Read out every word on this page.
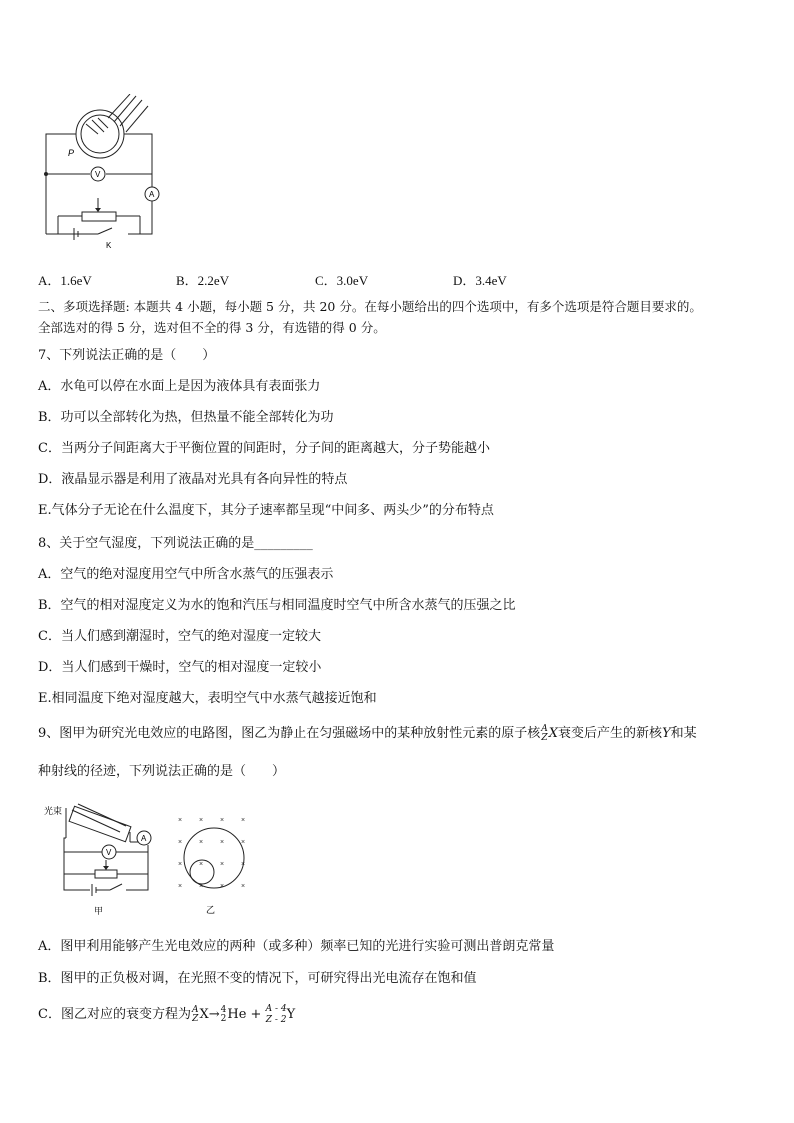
P
V
A
K
A．1.6eV	B．2.2eV	C．3.0eV	D．3.4eV
二、多项选择题: 本题共 4 小题，每小题 5 分，共 20 分。在每小题给出的四个选项中，有多个选项是符合题目要求的。
全部选对的得 5 分，选对但不全的得 3 分，有选错的得 0 分。
7、下列说法正确的是（　　）
A．水龟可以停在水面上是因为液体具有表面张力
B．功可以全部转化为热，但热量不能全部转化为功
C．当两分子间距离大于平衡位置的间距时，分子间的距离越大，分子势能越小
D．液晶显示器是利用了液晶对光具有各向异性的特点
E.气体分子无论在什么温度下，其分子速率都呈现“中间多、两头少”的分布特点
8、关于空气湿度，下列说法正确的是_________
A．空气的绝对湿度用空气中所含水蒸气的压强表示
B．空气的相对湿度定义为水的饱和汽压与相同温度时空气中所含水蒸气的压强之比
C．当人们感到潮湿时，空气的绝对湿度一定较大
D．当人们感到干燥时，空气的相对湿度一定较小
E.相同温度下绝对湿度越大，表明空气中水蒸气越接近饱和
9、图甲为研究光电效应的电路图，图乙为静止在匀强磁场中的某种放射性元素的原子核 A
Z X衰变后产生的新核Y和某
种射线的径迹，下列说法正确的是（　　）
光束
A
V
甲
× × × ×
× × × ×
× × × ×
× × × ×
乙
A．图甲利用能够产生光电效应的两种（或多种）频率已知的光进行实验可测出普朗克常量
B．图甲的正负极对调，在光照不变的情况下，可研究得出光电流存在饱和值
C．图乙对应的衰变方程为 A
Z X→ 4
2 He + A - 4
Z - 2 Y
